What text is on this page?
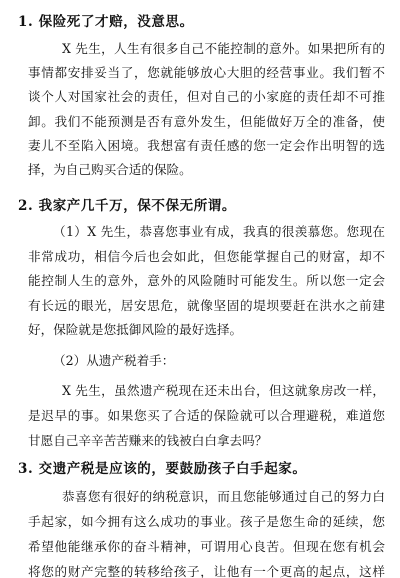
1. 保险死了才赔，没意思。
X 先生，人生有很多自己不能控制的意外。如果把所有的
事情都安排妥当了，您就能够放心大胆的经营事业。我们暂不
谈个人对国家社会的责任，但对自己的小家庭的责任却不可推
卸。我们不能预测是否有意外发生，但能做好万全的准备，使
妻儿不至陷入困境。我想富有责任感的您一定会作出明智的选
择，为自己购买合适的保险。
2. 我家产几千万，保不保无所谓。
（1）X 先生，恭喜您事业有成，我真的很羡慕您。您现在
非常成功，相信今后也会如此，但您能掌握自己的财富，却不
能控制人生的意外，意外的风险随时可能发生。所以您一定会
有长远的眼光，居安思危，就像坚固的堤坝要赶在洪水之前建
好，保险就是您抵御风险的最好选择。
（2）从遗产税着手：
X 先生，虽然遗产税现在还未出台，但这就象房改一样，
是迟早的事。如果您买了合适的保险就可以合理避税，难道您
甘愿自己辛辛苦苦赚来的钱被白白拿去吗？
3. 交遗产税是应该的，要鼓励孩子白手起家。
恭喜您有很好的纳税意识，而且您能够通过自己的努力白
手起家，如今拥有这么成功的事业。孩子是您生命的延续，您
希望他能继承你的奋斗精神，可谓用心良苦。但现在您有机会
将您的财产完整的转移给孩子，让他有一个更高的起点，这样
